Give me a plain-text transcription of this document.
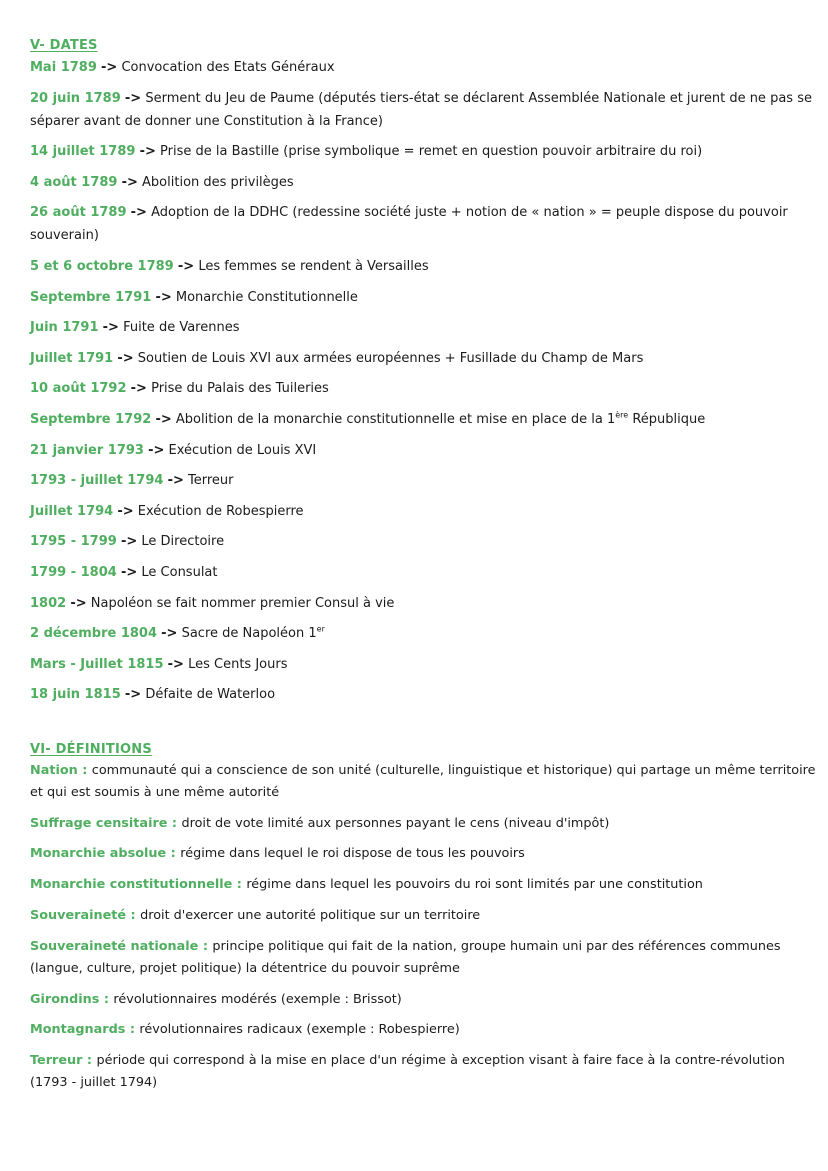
V- DATES
Mai 1789 -> Convocation des Etats Généraux
20 juin 1789 -> Serment du Jeu de Paume (députés tiers-état se déclarent Assemblée Nationale et jurent de ne pas se séparer avant de donner une Constitution à la France)
14 juillet 1789 -> Prise de la Bastille (prise symbolique = remet en question pouvoir arbitraire du roi)
4 août 1789 -> Abolition des privilèges
26 août 1789 -> Adoption de la DDHC (redessine société juste + notion de « nation » = peuple dispose du pouvoir souverain)
5 et 6 octobre 1789 -> Les femmes se rendent à Versailles
Septembre 1791 -> Monarchie Constitutionnelle
Juin 1791 -> Fuite de Varennes
Juillet 1791 -> Soutien de Louis XVI aux armées européennes + Fusillade du Champ de Mars
10 août 1792 -> Prise du Palais des Tuileries
Septembre 1792 -> Abolition de la monarchie constitutionnelle et mise en place de la 1ère République
21 janvier 1793 -> Exécution de Louis XVI
1793 - juillet 1794 -> Terreur
Juillet 1794 -> Exécution de Robespierre
1795 - 1799 -> Le Directoire
1799 - 1804 -> Le Consulat
1802 -> Napoléon se fait nommer premier Consul à vie
2 décembre 1804 -> Sacre de Napoléon 1er
Mars - Juillet 1815 -> Les Cents Jours
18 juin 1815 -> Défaite de Waterloo
VI- DÉFINITIONS
Nation : communauté qui a conscience de son unité (culturelle, linguistique et historique) qui partage un même territoire et qui est soumis à une même autorité
Suffrage censitaire : droit de vote limité aux personnes payant le cens (niveau d'impôt)
Monarchie absolue : régime dans lequel le roi dispose de tous les pouvoirs
Monarchie constitutionnelle : régime dans lequel les pouvoirs du roi sont limités par une constitution
Souveraineté : droit d'exercer une autorité politique sur un territoire
Souveraineté nationale : principe politique qui fait de la nation, groupe humain uni par des références communes (langue, culture, projet politique) la détentrice du pouvoir suprême
Girondins : révolutionnaires modérés (exemple : Brissot)
Montagnards : révolutionnaires radicaux (exemple : Robespierre)
Terreur : période qui correspond à la mise en place d'un régime à exception visant à faire face à la contre-révolution (1793 - juillet 1794)
